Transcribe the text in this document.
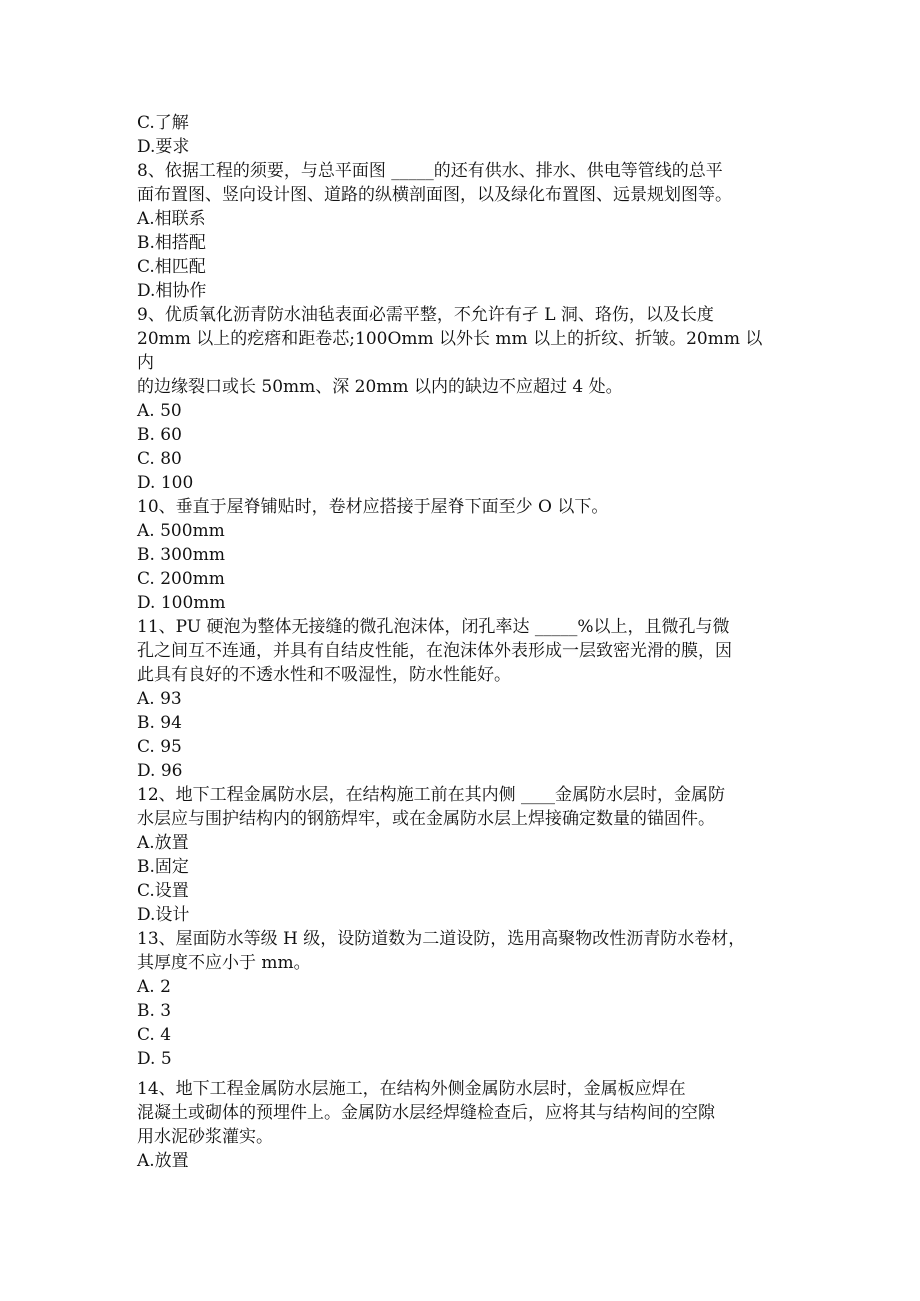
C.了解
D.要求
8、依据工程的须要，与总平面图 _____的还有供水、排水、供电等管线的总平
面布置图、竖向设计图、道路的纵横剖面图，以及绿化布置图、远景规划图等。
A.相联系
B.相搭配
C.相匹配
D.相协作
9、优质氧化沥青防水油毡表面必需平整，不允许有孑 L 洞、珞伤，以及长度
20mm 以上的疙瘩和距卷芯;100Omm 以外长 mm 以上的折纹、折皱。20mm 以
内
的边缘裂口或长 50mm、深 20mm 以内的缺边不应超过 4 处。
A. 50
B. 60
C. 80
D. 100
10、垂直于屋脊铺贴时，卷材应搭接于屋脊下面至少 O 以下。
A. 500mm
B. 300mm
C. 200mm
D. 100mm
11、PU 硬泡为整体无接缝的微孔泡沫体，闭孔率达 _____%以上，且微孔与微
孔之间互不连通，并具有自结皮性能，在泡沫体外表形成一层致密光滑的膜，因
此具有良好的不透水性和不吸湿性，防水性能好。
A. 93
B. 94
C. 95
D. 96
12、地下工程金属防水层，在结构施工前在其内侧 ____金属防水层时，金属防
水层应与围护结构内的钢筋焊牢，或在金属防水层上焊接确定数量的锚固件。
A.放置
B.固定
C.设置
D.设计
13、屋面防水等级 H 级，设防道数为二道设防，选用高聚物改性沥青防水卷材，
其厚度不应小于 mm。
A. 2
B. 3
C. 4
D. 5
14、地下工程金属防水层施工，在结构外侧金属防水层时，金属板应焊在
混凝土或砌体的预埋件上。金属防水层经焊缝检查后，应将其与结构间的空隙
用水泥砂浆灌实。
A.放置
